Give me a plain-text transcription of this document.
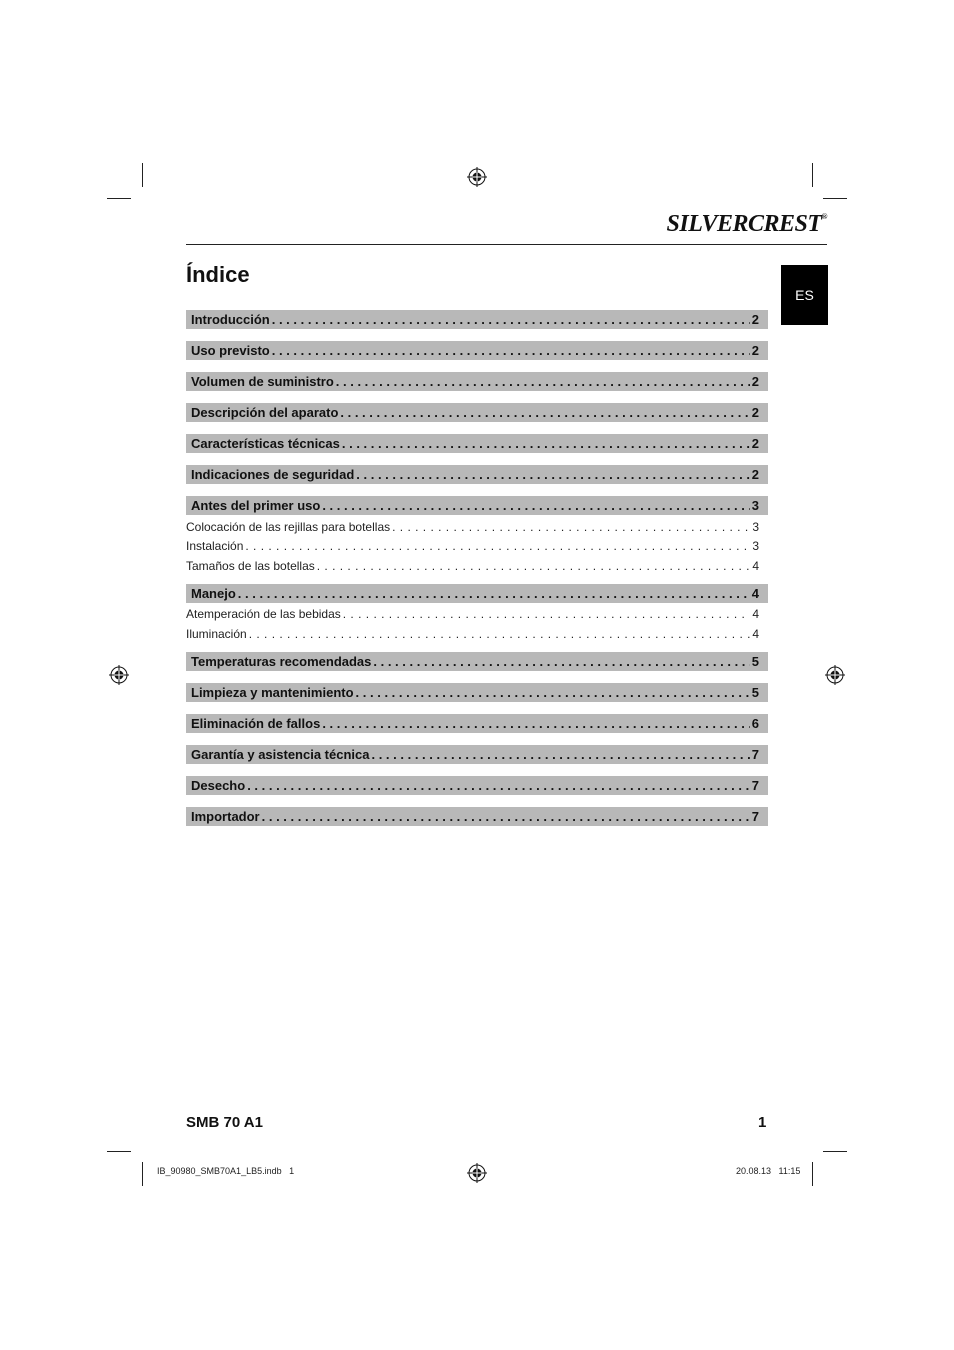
SILVERCREST®
ES
Índice
Introducción . . .	2
Uso previsto . . .	2
Volumen de suministro . . .	2
Descripción del aparato . . .	2
Características técnicas . . .	2
Indicaciones de seguridad . . .	2
Antes del primer uso . . .	3
Colocación de las rejillas para botellas . . .	3
Instalación . . .	3
Tamaños de las botellas . . .	4
Manejo . . .	4
Atemperación de las bebidas . . .	4
Iluminación . . .	4
Temperaturas recomendadas . . .	5
Limpieza y mantenimiento . . .	5
Eliminación de fallos . . .	6
Garantía y asistencia técnica . . .	7
Desecho . . .	7
Importador . . .	7
SMB 70 A1	1
IB_90980_SMB70A1_LB5.indb   1	20.08.13   11:15
